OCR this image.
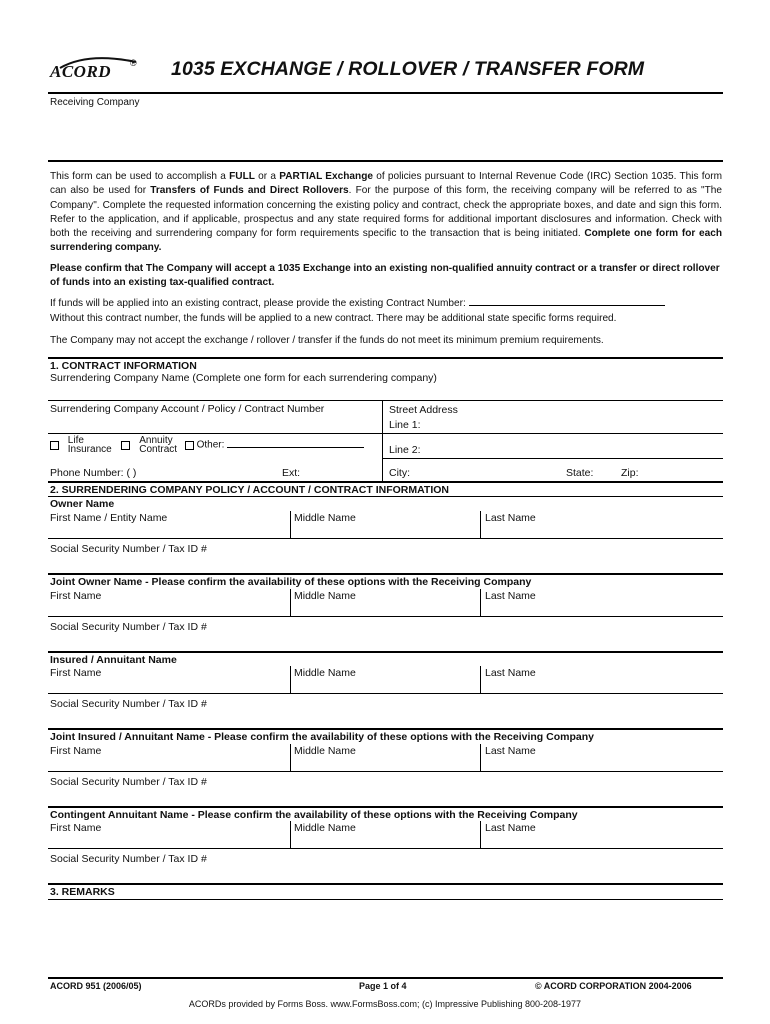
ACORD ® 1035 EXCHANGE / ROLLOVER / TRANSFER FORM
Receiving Company
This form can be used to accomplish a FULL or a PARTIAL Exchange of policies pursuant to Internal Revenue Code (IRC) Section 1035. This form can also be used for Transfers of Funds and Direct Rollovers. For the purpose of this form, the receiving company will be referred to as "The Company". Complete the requested information concerning the existing policy and contract, check the appropriate boxes, and date and sign this form. Refer to the application, and if applicable, prospectus and any state required forms for additional important disclosures and information. Check with both the receiving and surrendering company for form requirements specific to the transaction that is being initiated. Complete one form for each surrendering company.
Please confirm that The Company will accept a 1035 Exchange into an existing non-qualified annuity contract or a transfer or direct rollover of funds into an existing tax-qualified contract.
If funds will be applied into an existing contract, please provide the existing Contract Number:
Without this contract number, the funds will be applied to a new contract. There may be additional state specific forms required.
The Company may not accept the exchange / rollover / transfer if the funds do not meet its minimum premium requirements.
1. CONTRACT INFORMATION
Surrendering Company Name (Complete one form for each surrendering company)
Surrendering Company Account / Policy / Contract Number	Street Address
Line 1:
Life
Insurance  Annuity
Contract Other:	Line 2:
Phone Number: ( )	Ext:	City:	State:	Zip:
2. SURRENDERING COMPANY POLICY / ACCOUNT / CONTRACT INFORMATION
Owner Name
First Name / Entity Name	Middle Name	Last Name
Social Security Number / Tax ID #
Joint Owner Name - Please confirm the availability of these options with the Receiving Company
First Name	Middle Name	Last Name
Social Security Number / Tax ID #
Insured / Annuitant Name
First Name	Middle Name	Last Name
Social Security Number / Tax ID #
Joint Insured / Annuitant Name - Please confirm the availability of these options with the Receiving Company
First Name	Middle Name	Last Name
Social Security Number / Tax ID #
Contingent Annuitant Name - Please confirm the availability of these options with the Receiving Company
First Name	Middle Name	Last Name
Social Security Number / Tax ID #
3. REMARKS
ACORD 951 (2006/05)	Page 1 of 4	© ACORD CORPORATION 2004-2006
ACORDs provided by Forms Boss. www.FormsBoss.com; (c) Impressive Publishing 800-208-1977
